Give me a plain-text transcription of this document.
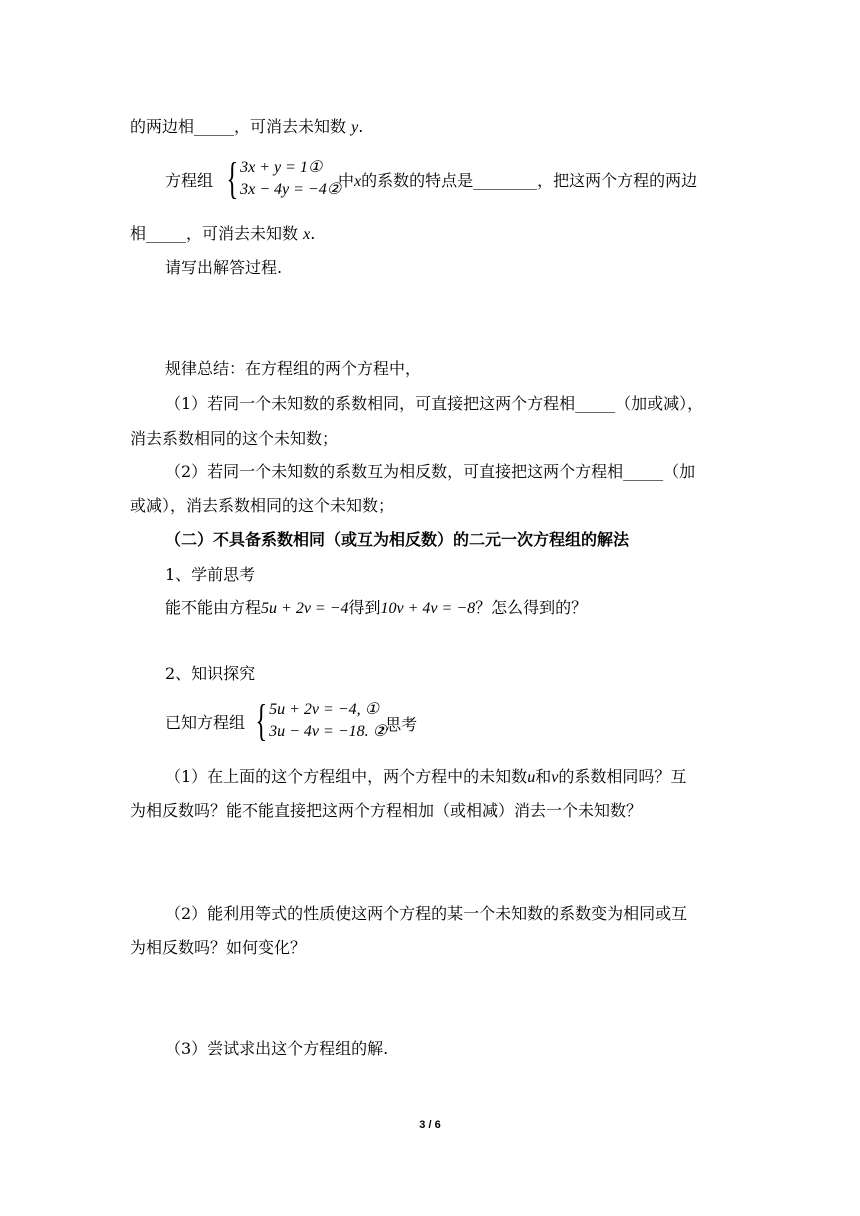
的两边相_____，可消去未知数 y.
方程组 { 3x + y = 1①
3x − 4y = −4②
中x的系数的特点是________，把这两个方程的两边
相_____，可消去未知数 x.
请写出解答过程.
规律总结：在方程组的两个方程中，
（1）若同一个未知数的系数相同，可直接把这两个方程相_____（加或减），
消去系数相同的这个未知数；
（2）若同一个未知数的系数互为相反数，可直接把这两个方程相_____（加
或减），消去系数相同的这个未知数；
（二）不具备系数相同（或互为相反数）的二元一次方程组的解法
1、学前思考
能不能由方程5u + 2v = −4得到10v + 4v = −8？怎么得到的？
2、知识探究
已知方程组 { 5u + 2v = −4, ①
3u − 4v = −18. ②
.思考
（1）在上面的这个方程组中，两个方程中的未知数u和v的系数相同吗？互
为相反数吗？能不能直接把这两个方程相加（或相减）消去一个未知数？
（2）能利用等式的性质使这两个方程的某一个未知数的系数变为相同或互
为相反数吗？如何变化？
（3）尝试求出这个方程组的解.
3 / 6
